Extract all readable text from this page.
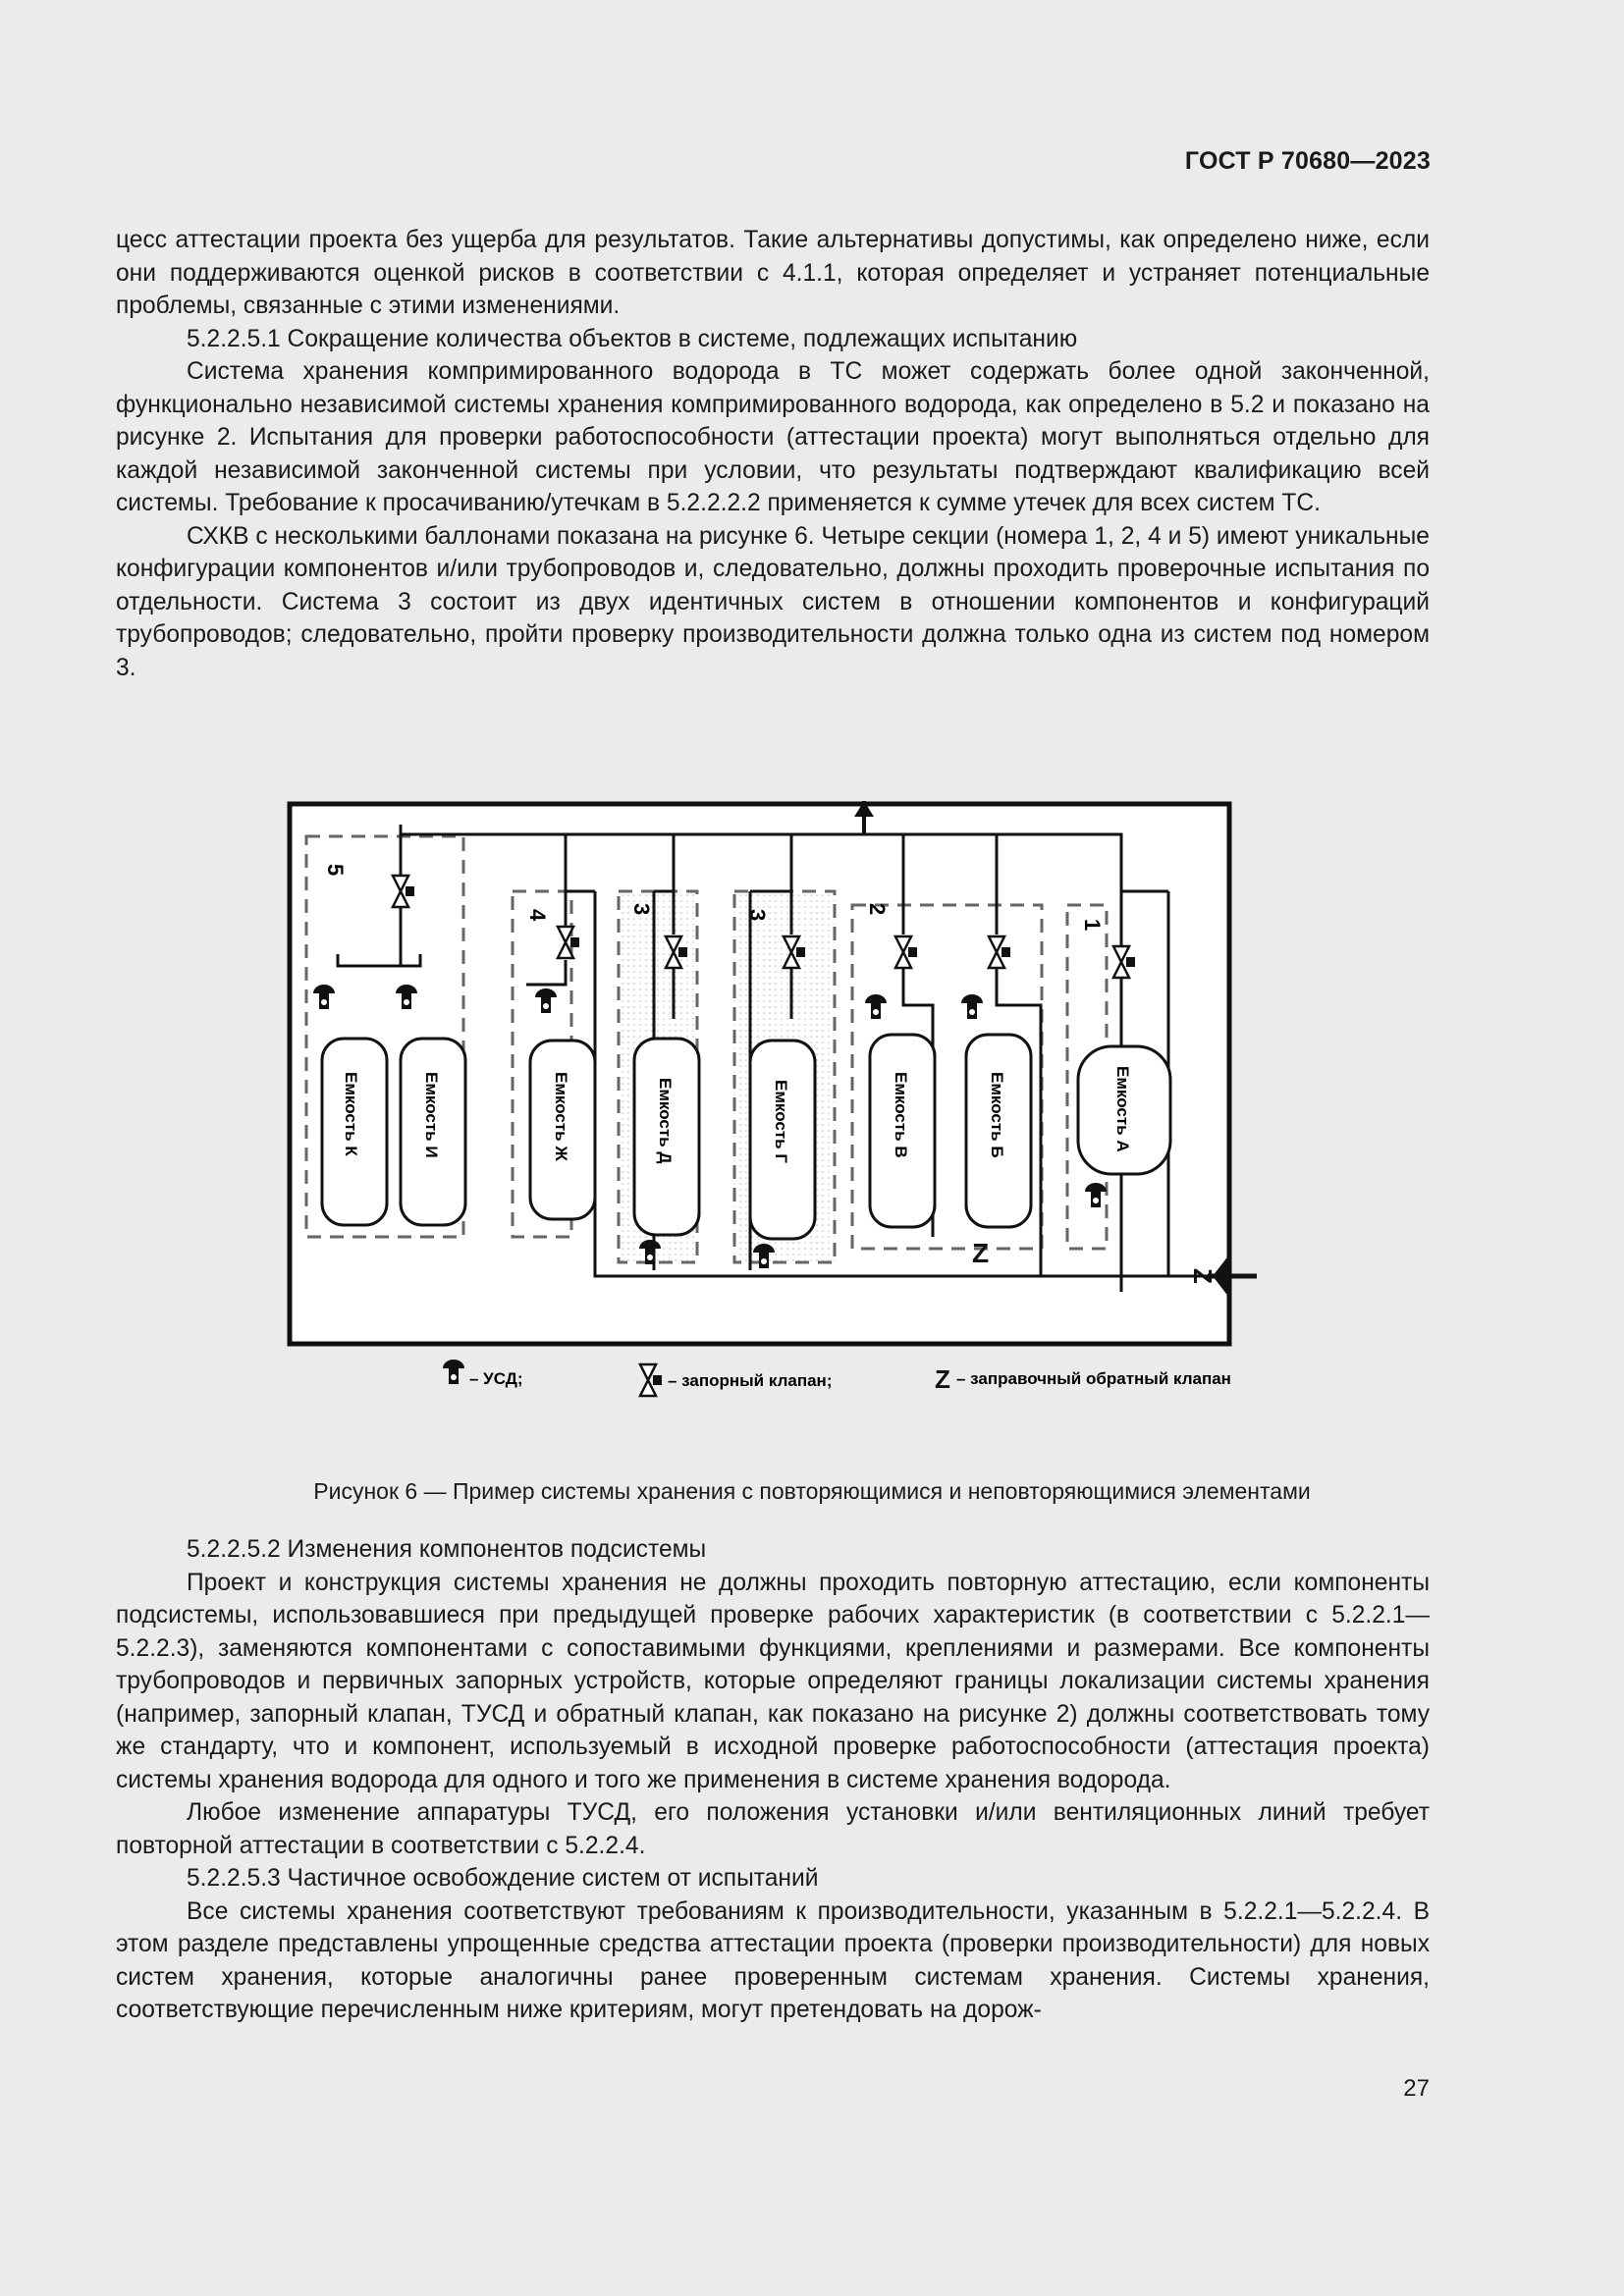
ГОСТ Р 70680—2023

цесс аттестации проекта без ущерба для результатов. Такие альтернативы допустимы, как определено ниже, если они поддерживаются оценкой рисков в соответствии с 4.1.1, которая определяет и устраняет потенциальные проблемы, связанные с этими изменениями.

5.2.2.5.1 Сокращение количества объектов в системе, подлежащих испытанию

Система хранения компримированного водорода в ТС может содержать более одной законченной, функционально независимой системы хранения компримированного водорода, как определено в 5.2 и показано на рисунке 2. Испытания для проверки работоспособности (аттестации проекта) могут выполняться отдельно для каждой независимой законченной системы при условии, что результаты подтверждают квалификацию всей системы. Требование к просачиванию/утечкам в 5.2.2.2.2 применяется к сумме утечек для всех систем ТС.

СХКВ с несколькими баллонами показана на рисунке 6. Четыре секции (номера 1, 2, 4 и 5) имеют уникальные конфигурации компонентов и/или трубопроводов и, следовательно, должны проходить проверочные испытания по отдельности. Система 3 состоит из двух идентичных систем в отношении компонентов и конфигураций трубопроводов; следовательно, пройти проверку производительности должна только одна из систем под номером 3.

5
4	3	3	2
1
Z
Z
Емкость К	Емкость И	Емкость Ж	Емкость Д	Емкость Г	Емкость В	Емкость Б	Емкость А
– УСД;	– запорный клапан;	Z – заправочный обратный клапан
Рисунок 6 — Пример системы хранения с повторяющимися и неповторяющимися элементами

5.2.2.5.2 Изменения компонентов подсистемы

Проект и конструкция системы хранения не должны проходить повторную аттестацию, если компоненты подсистемы, использовавшиеся при предыдущей проверке рабочих характеристик (в соответствии с 5.2.2.1—5.2.2.3), заменяются компонентами с сопоставимыми функциями, креплениями и размерами. Все компоненты трубопроводов и первичных запорных устройств, которые определяют границы локализации системы хранения (например, запорный клапан, ТУСД и обратный клапан, как показано на рисунке 2) должны соответствовать тому же стандарту, что и компонент, используемый в исходной проверке работоспособности (аттестация проекта) системы хранения водорода для одного и того же применения в системе хранения водорода.

Любое изменение аппаратуры ТУСД, его положения установки и/или вентиляционных линий требует повторной аттестации в соответствии с 5.2.2.4.

5.2.2.5.3 Частичное освобождение систем от испытаний

Все системы хранения соответствуют требованиям к производительности, указанным в 5.2.2.1—5.2.2.4. В этом разделе представлены упрощенные средства аттестации проекта (проверки производительности) для новых систем хранения, которые аналогичны ранее проверенным системам хранения. Системы хранения, соответствующие перечисленным ниже критериям, могут претендовать на дорож-

27
